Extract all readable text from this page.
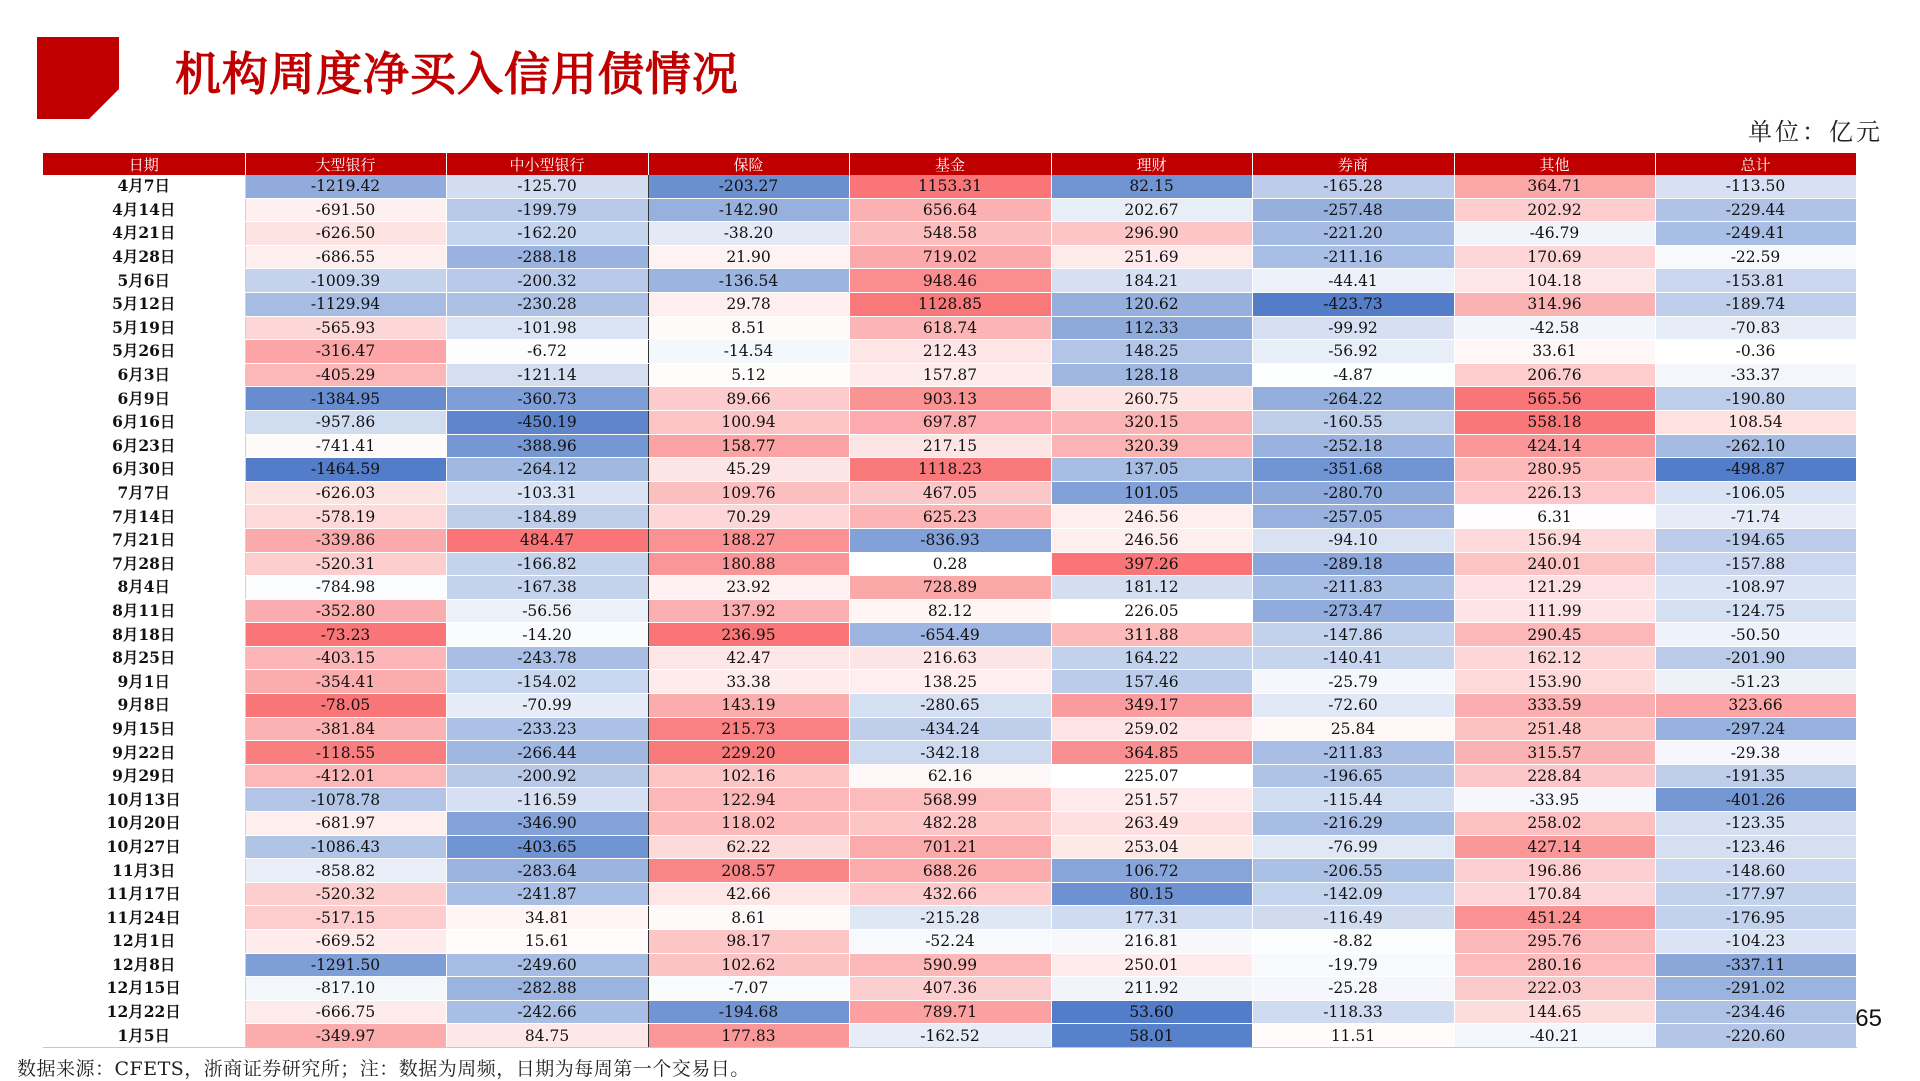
机构周度净买入信用债情况
单位：亿元
日期	大型银行	中小型银行	保险	基金	理财	券商	其他	总计
4月7日	-1219.42	-125.70	-203.27	1153.31	82.15	-165.28	364.71	-113.50
4月14日	-691.50	-199.79	-142.90	656.64	202.67	-257.48	202.92	-229.44
4月21日	-626.50	-162.20	-38.20	548.58	296.90	-221.20	-46.79	-249.41
4月28日	-686.55	-288.18	21.90	719.02	251.69	-211.16	170.69	-22.59
5月6日	-1009.39	-200.32	-136.54	948.46	184.21	-44.41	104.18	-153.81
5月12日	-1129.94	-230.28	29.78	1128.85	120.62	-423.73	314.96	-189.74
5月19日	-565.93	-101.98	8.51	618.74	112.33	-99.92	-42.58	-70.83
5月26日	-316.47	-6.72	-14.54	212.43	148.25	-56.92	33.61	-0.36
6月3日	-405.29	-121.14	5.12	157.87	128.18	-4.87	206.76	-33.37
6月9日	-1384.95	-360.73	89.66	903.13	260.75	-264.22	565.56	-190.80
6月16日	-957.86	-450.19	100.94	697.87	320.15	-160.55	558.18	108.54
6月23日	-741.41	-388.96	158.77	217.15	320.39	-252.18	424.14	-262.10
6月30日	-1464.59	-264.12	45.29	1118.23	137.05	-351.68	280.95	-498.87
7月7日	-626.03	-103.31	109.76	467.05	101.05	-280.70	226.13	-106.05
7月14日	-578.19	-184.89	70.29	625.23	246.56	-257.05	6.31	-71.74
7月21日	-339.86	484.47	188.27	-836.93	246.56	-94.10	156.94	-194.65
7月28日	-520.31	-166.82	180.88	0.28	397.26	-289.18	240.01	-157.88
8月4日	-784.98	-167.38	23.92	728.89	181.12	-211.83	121.29	-108.97
8月11日	-352.80	-56.56	137.92	82.12	226.05	-273.47	111.99	-124.75
8月18日	-73.23	-14.20	236.95	-654.49	311.88	-147.86	290.45	-50.50
8月25日	-403.15	-243.78	42.47	216.63	164.22	-140.41	162.12	-201.90
9月1日	-354.41	-154.02	33.38	138.25	157.46	-25.79	153.90	-51.23
9月8日	-78.05	-70.99	143.19	-280.65	349.17	-72.60	333.59	323.66
9月15日	-381.84	-233.23	215.73	-434.24	259.02	25.84	251.48	-297.24
9月22日	-118.55	-266.44	229.20	-342.18	364.85	-211.83	315.57	-29.38
9月29日	-412.01	-200.92	102.16	62.16	225.07	-196.65	228.84	-191.35
10月13日	-1078.78	-116.59	122.94	568.99	251.57	-115.44	-33.95	-401.26
10月20日	-681.97	-346.90	118.02	482.28	263.49	-216.29	258.02	-123.35
10月27日	-1086.43	-403.65	62.22	701.21	253.04	-76.99	427.14	-123.46
11月3日	-858.82	-283.64	208.57	688.26	106.72	-206.55	196.86	-148.60
11月17日	-520.32	-241.87	42.66	432.66	80.15	-142.09	170.84	-177.97
11月24日	-517.15	34.81	8.61	-215.28	177.31	-116.49	451.24	-176.95
12月1日	-669.52	15.61	98.17	-52.24	216.81	-8.82	295.76	-104.23
12月8日	-1291.50	-249.60	102.62	590.99	250.01	-19.79	280.16	-337.11
12月15日	-817.10	-282.88	-7.07	407.36	211.92	-25.28	222.03	-291.02
12月22日	-666.75	-242.66	-194.68	789.71	53.60	-118.33	144.65	-234.46
1月5日	-349.97	84.75	177.83	-162.52	58.01	11.51	-40.21	-220.60
数据来源：CFETS，浙商证券研究所；注：数据为周频，日期为每周第一个交易日。
65
